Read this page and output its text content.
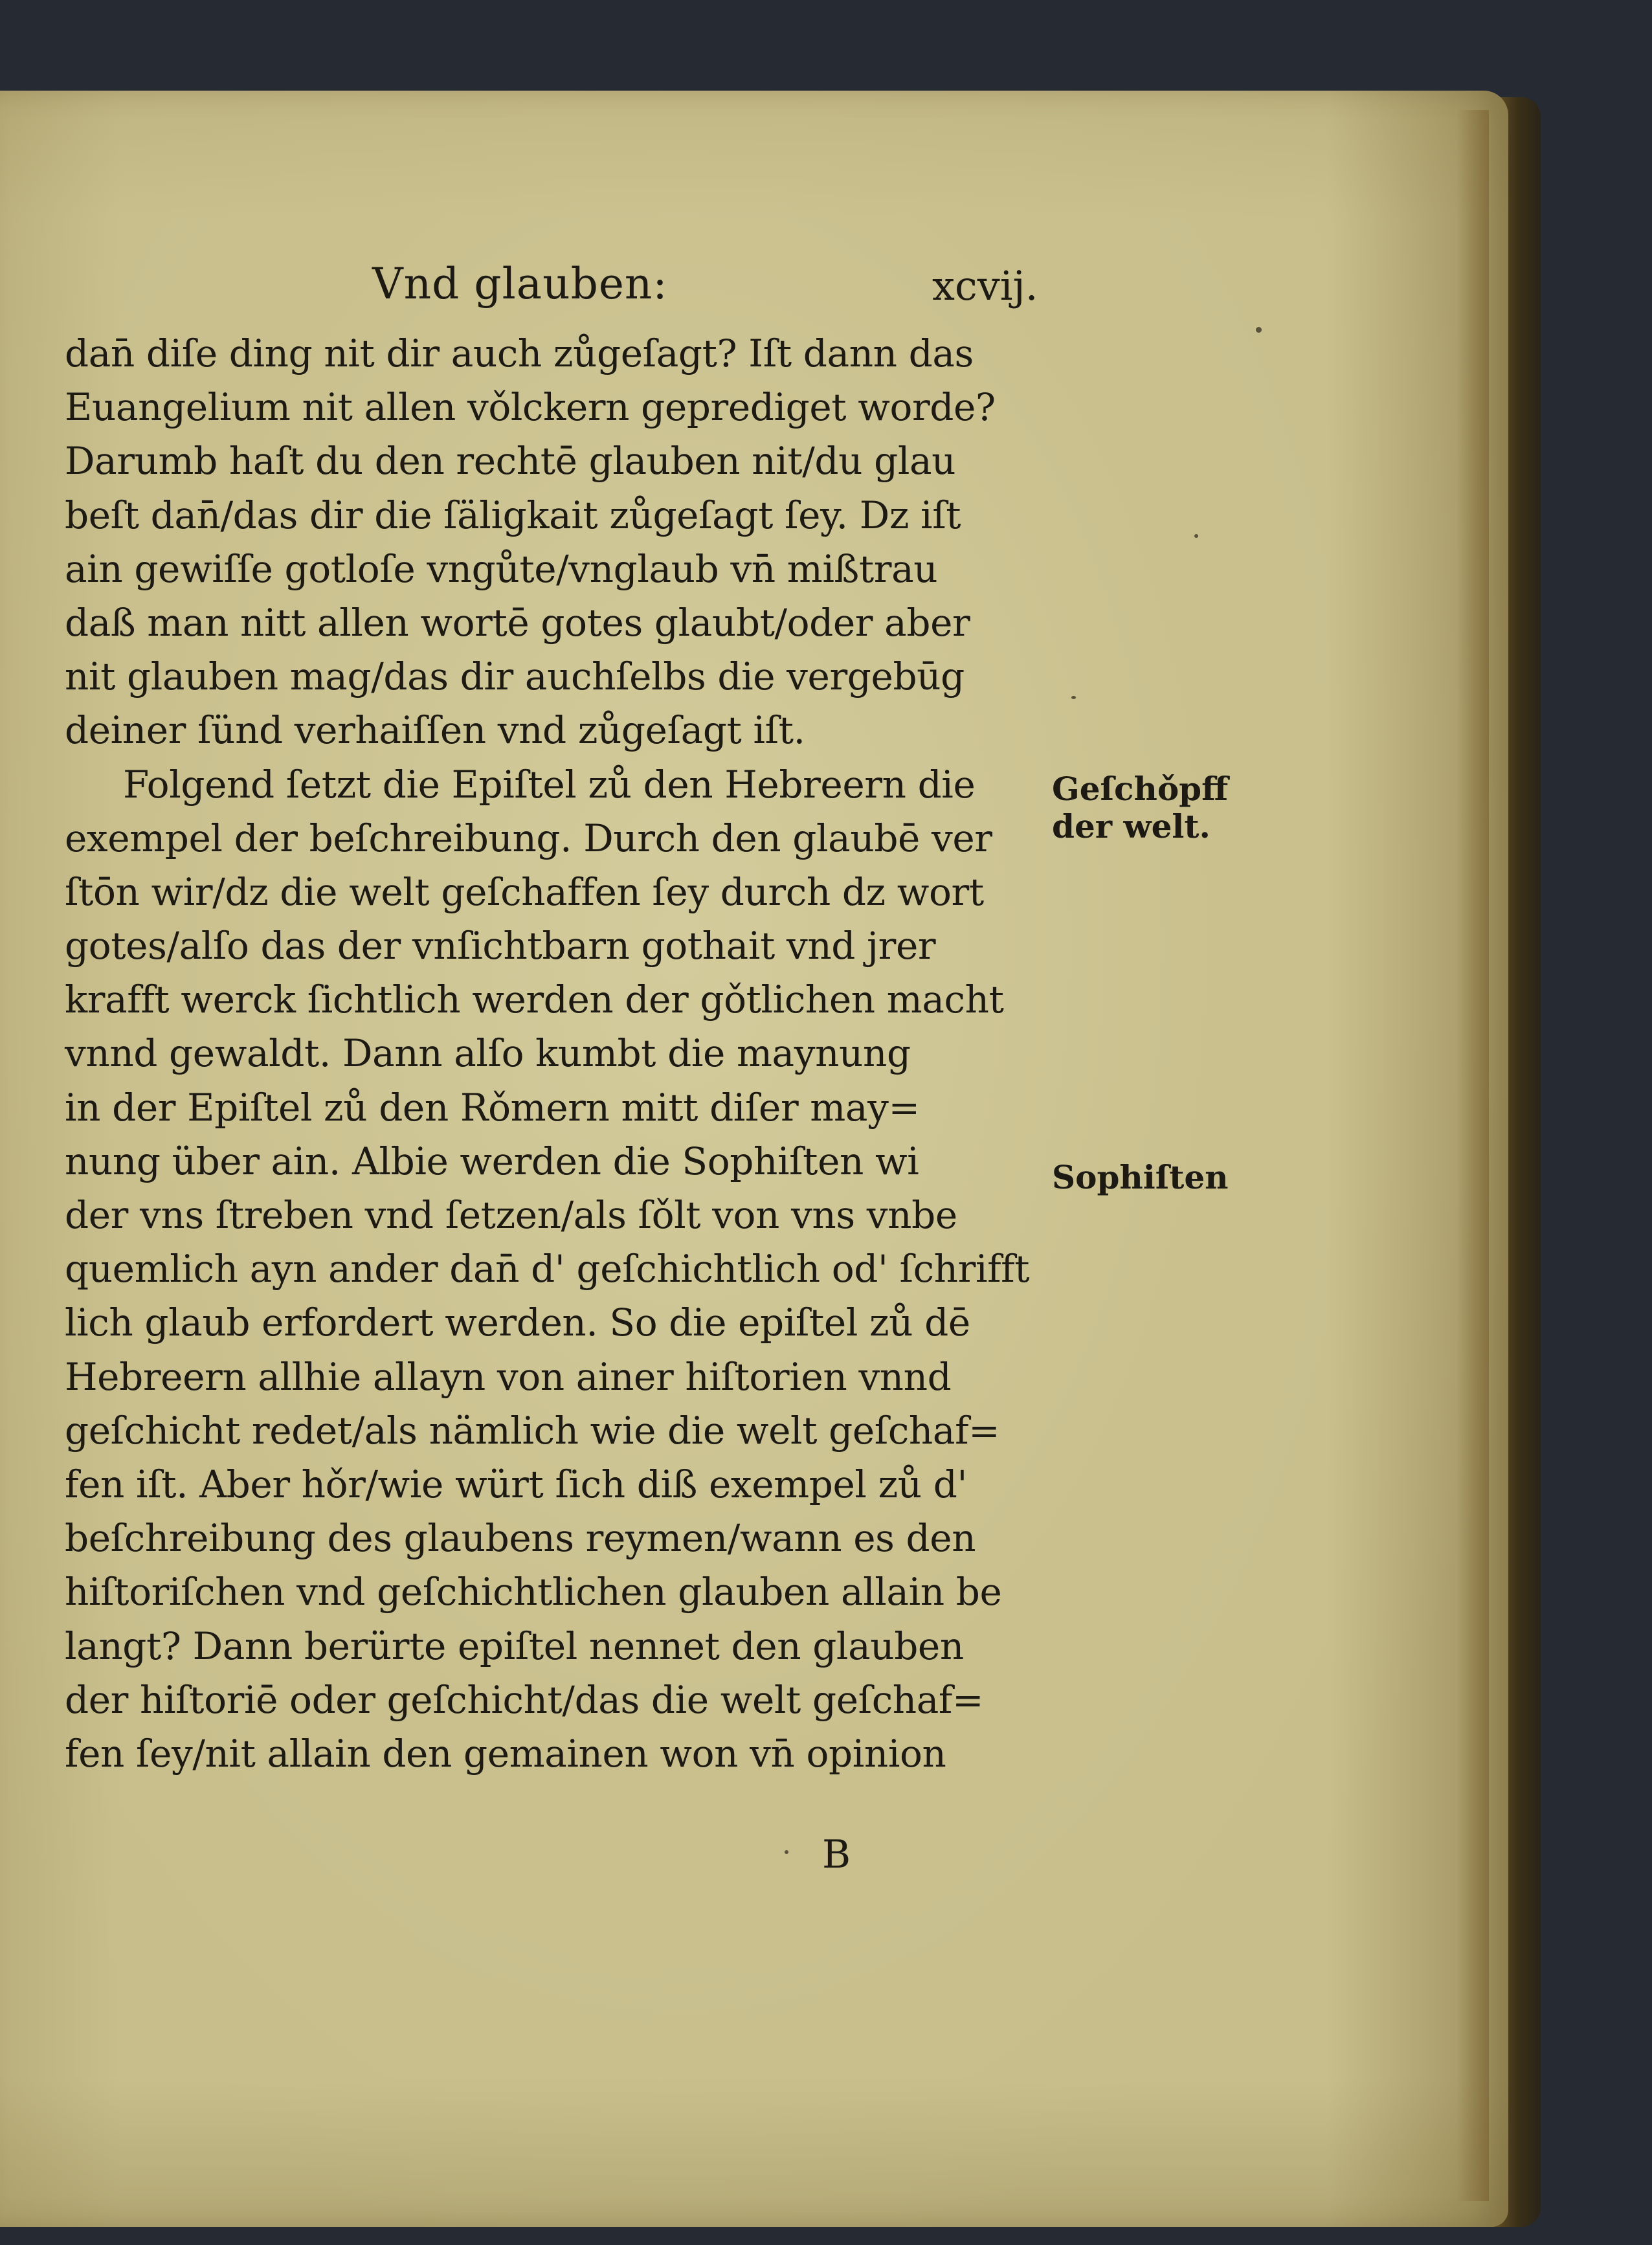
Vnd glauben:	xcvij.
dan̄ diſe ding nit dir auch zůgeſagt? Iſt dann das
Euangelium nit allen vǒlckern geprediget worde?
Darumb haſt du den rechtē glauben nit/du glau
beſt dan̄/das dir die ſäligkait zůgeſagt ſey. Dz iſt
ain gewiſſe gotloſe vngůte/vnglaub vn̄ mißtrau
daß man nitt allen wortē gotes glaubt/oder aber
nit glauben mag/das dir auchſelbs die vergebūg
deiner ſünd verhaiſſen vnd zůgeſagt iſt.
Folgend ſetzt die Epiſtel zů den Hebreern die
exempel der beſchreibung. Durch den glaubē ver
ſtōn wir/dz die welt geſchaffen ſey durch dz wort
gotes/alſo das der vnſichtbarn gothait vnd jrer
krafft werck ſichtlich werden der gǒtlichen macht
vnnd gewaldt. Dann alſo kumbt die maynung
in der Epiſtel zů den Rǒmern mitt diſer may=
nung über ain. Albie werden die Sophiſten wi
der vns ſtreben vnd ſetzen/als ſǒlt von vns vnbe
quemlich ayn ander dan̄ d' geſchichtlich od' ſchrifft
lich glaub erfordert werden. So die epiſtel zů dē
Hebreern allhie allayn von ainer hiſtorien vnnd
geſchicht redet/als nämlich wie die welt geſchaf=
fen iſt. Aber hǒr/wie würt ſich diß exempel zů d'
beſchreibung des glaubens reymen/wann es den
hiſtoriſchen vnd geſchichtlichen glauben allain be
langt? Dann berürte epiſtel nennet den glauben
der hiſtoriē oder geſchicht/das die welt geſchaf=
fen ſey/nit allain den gemainen won vn̄ opinion
Geſchǒpff
der welt.
Sophiſten
B
